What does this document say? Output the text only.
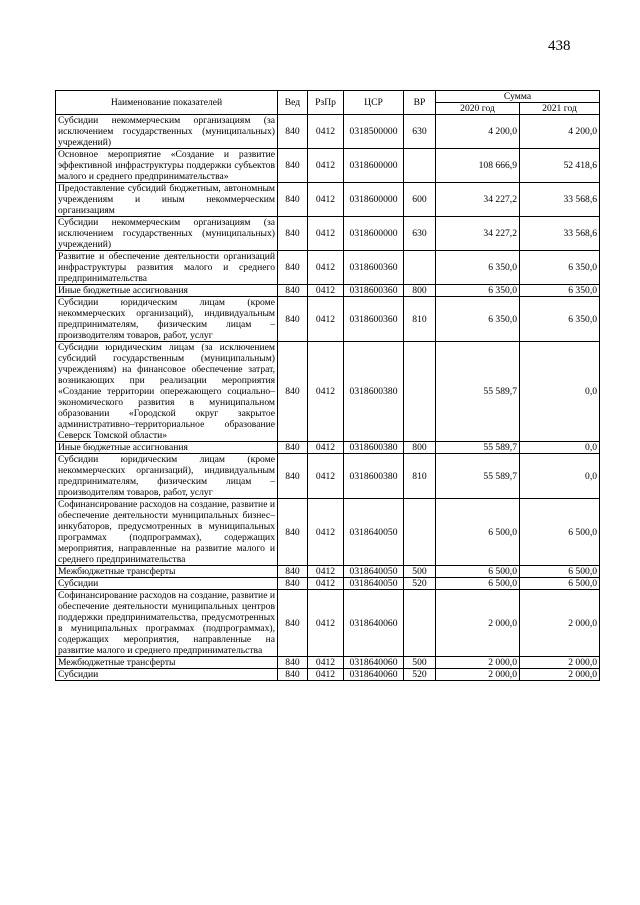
438
Наименование показателей	Вед	РзПр	ЦСР	ВР	Сумма	
					2020 год	2021 год
Субсидии некоммерческим организациям (за исключением государственных (муниципальных) учреждений)	840	0412	0318500000	630	4 200,0	4 200,0
Основное мероприятие «Создание и развитие эффективной инфраструктуры поддержки субъектов малого и среднего предпринимательства»	840	0412	0318600000		108 666,9	52 418,6
Предоставление субсидий бюджетным, автономным учреждениям и иным некоммерческим организациям	840	0412	0318600000	600	34 227,2	33 568,6
Субсидии некоммерческим организациям (за исключением государственных (муниципальных) учреждений)	840	0412	0318600000	630	34 227,2	33 568,6
Развитие и обеспечение деятельности организаций инфраструктуры развития малого и среднего предпринимательства	840	0412	0318600360		6 350,0	6 350,0
Иные бюджетные ассигнования	840	0412	0318600360	800	6 350,0	6 350,0
Субсидии юридическим лицам (кроме некоммерческих организаций), индивидуальным предпринимателям, физическим лицам – производителям товаров, работ, услуг	840	0412	0318600360	810	6 350,0	6 350,0
Субсидии юридическим лицам (за исключением субсидий государственным (муниципальным) учреждениям) на финансовое обеспечение затрат, возникающих при реализации мероприятия «Создание территории опережающего социально–экономического развития в муниципальном образовании «Городской округ закрытое административно–территориальное образование Северск Томской области»	840	0412	0318600380		55 589,7	0,0
Иные бюджетные ассигнования	840	0412	0318600380	800	55 589,7	0,0
Субсидии юридическим лицам (кроме некоммерческих организаций), индивидуальным предпринимателям, физическим лицам – производителям товаров, работ, услуг	840	0412	0318600380	810	55 589,7	0,0
Софинансирование расходов на создание, развитие и обеспечение деятельности муниципальных бизнес–инкубаторов, предусмотренных в муниципальных программах (подпрограммах), содержащих мероприятия, направленные на развитие малого и среднего предпринимательства	840	0412	0318640050		6 500,0	6 500,0
Межбюджетные трансферты	840	0412	0318640050	500	6 500,0	6 500,0
Субсидии	840	0412	0318640050	520	6 500,0	6 500,0
Софинансирование расходов на создание, развитие и обеспечение деятельности муниципальных центров поддержки предпринимательства, предусмотренных в муниципальных программах (подпрограммах), содержащих мероприятия, направленные на развитие малого и среднего предпринимательства	840	0412	0318640060		2 000,0	2 000,0
Межбюджетные трансферты	840	0412	0318640060	500	2 000,0	2 000,0
Субсидии	840	0412	0318640060	520	2 000,0	2 000,0
